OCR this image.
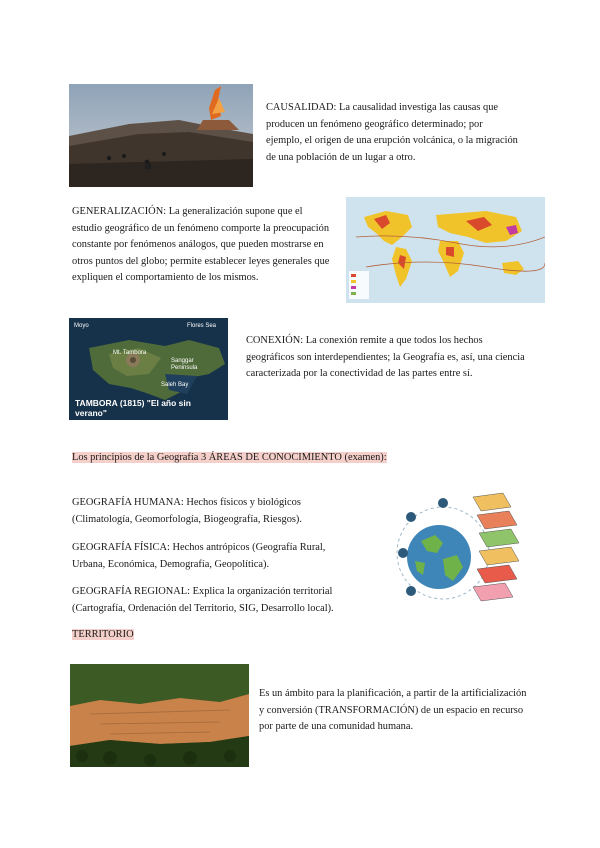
CAUSALIDAD: La causalidad investiga las causas que producen un fenómeno geográfico determinado; por ejemplo, el origen de una erupción volcánica, o la migración de una población de un lugar a otro.
GENERALIZACIÓN: La generalización supone que el estudio geográfico de un fenómeno comporte la preocupación constante por fenómenos análogos, que pueden mostrarse en otros puntos del globo; permite establecer leyes generales que expliquen el comportamiento de los mismos.
Moyo	Flores Sea
Mt. Tambora
Sanggar Peninsula
Saleh Bay
TAMBORA (1815) "El año sin verano"
CONEXIÓN: La conexión remite a que todos los hechos geográficos son interdependientes; la Geografía es, así, una ciencia caracterizada por la conectividad de las partes entre sí.
Los principios de la Geografía 3 ÁREAS DE CONOCIMIENTO (examen):
GEOGRAFÍA HUMANA: Hechos físicos y biológicos (Climatología, Geomorfología, Biogeografía, Riesgos).
GEOGRAFÍA FÍSICA: Hechos antrópicos (Geografía Rural, Urbana, Económica, Demografía, Geopolítica).
GEOGRAFÍA REGIONAL: Explica la organización territorial (Cartografía, Ordenación del Territorio, SIG, Desarrollo local).
TERRITORIO
Es un ámbito para la planificación, a partir de la artificialización y conversión (TRANSFORMACIÓN) de un espacio en recurso por parte de una comunidad humana.
